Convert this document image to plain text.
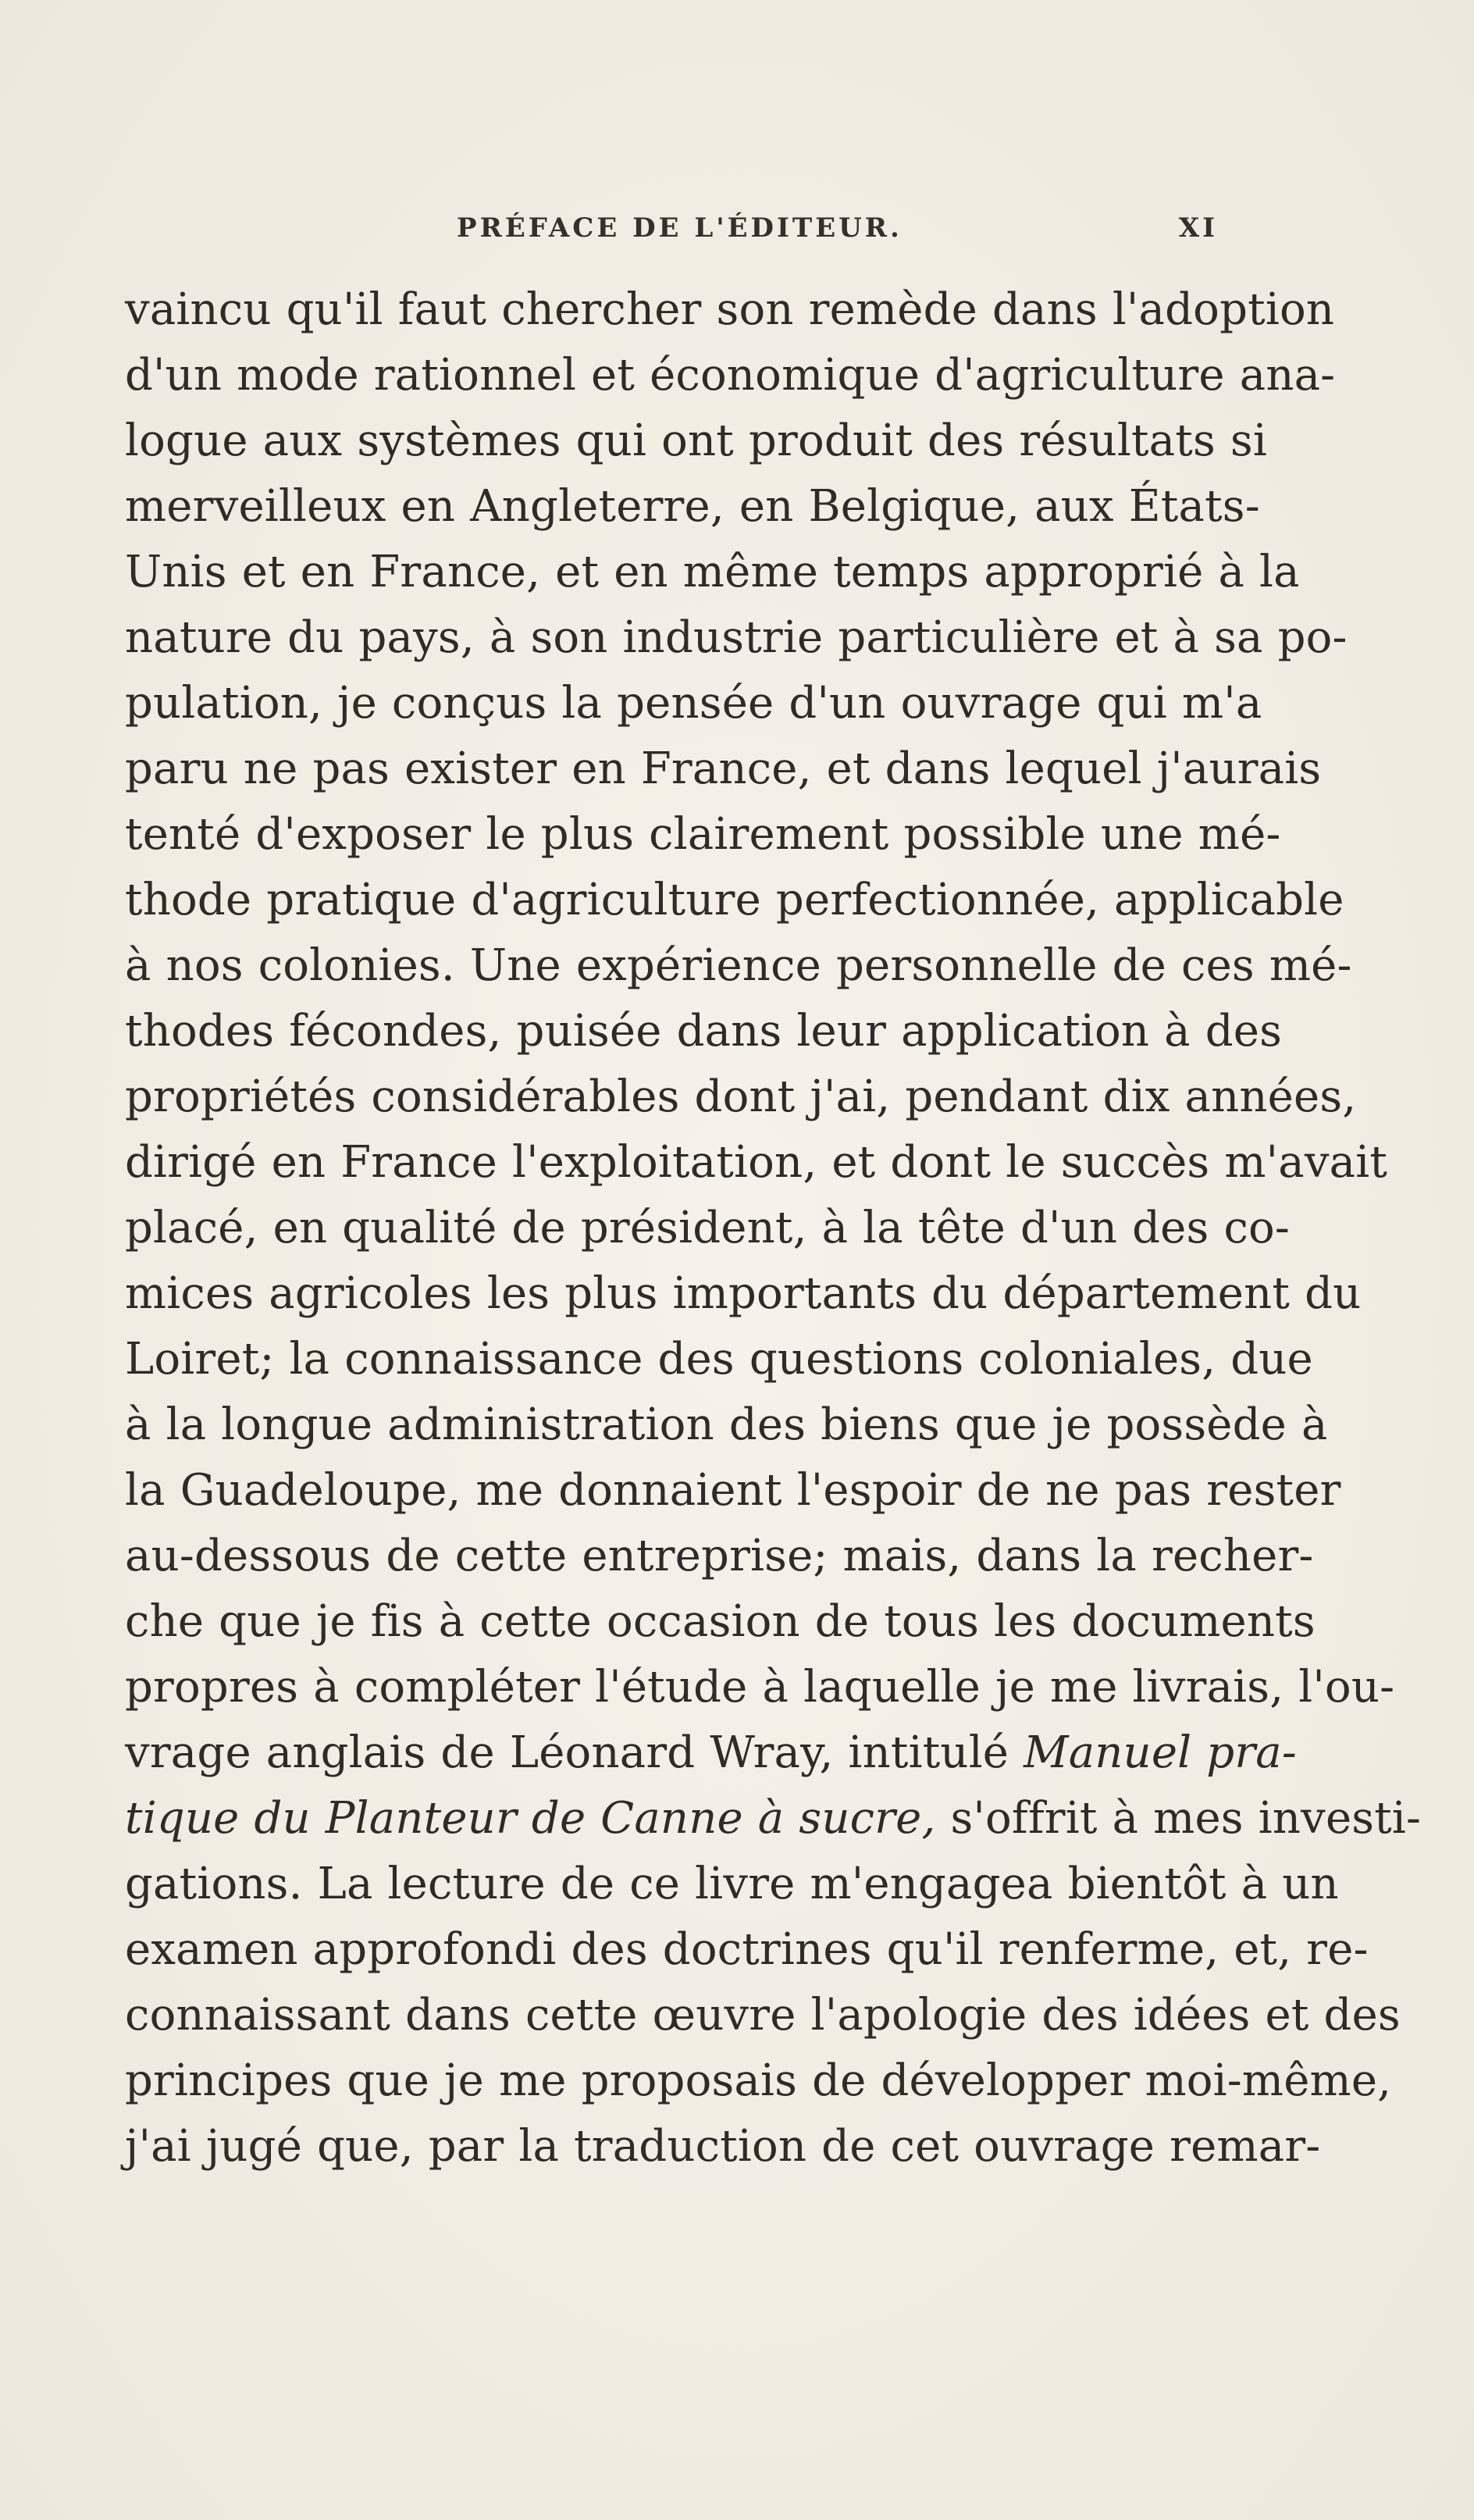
PRÉFACE DE L'ÉDITEUR.	XI
vaincu qu'il faut chercher son remède dans l'adoption
d'un mode rationnel et économique d'agriculture ana-
logue aux systèmes qui ont produit des résultats si
merveilleux en Angleterre, en Belgique, aux États-
Unis et en France, et en même temps approprié à la
nature du pays, à son industrie particulière et à sa po-
pulation, je conçus la pensée d'un ouvrage qui m'a
paru ne pas exister en France, et dans lequel j'aurais
tenté d'exposer le plus clairement possible une mé-
thode pratique d'agriculture perfectionnée, applicable
à nos colonies. Une expérience personnelle de ces mé-
thodes fécondes, puisée dans leur application à des
propriétés considérables dont j'ai, pendant dix années,
dirigé en France l'exploitation, et dont le succès m'avait
placé, en qualité de président, à la tête d'un des co-
mices agricoles les plus importants du département du
Loiret; la connaissance des questions coloniales, due
à la longue administration des biens que je possède à
la Guadeloupe, me donnaient l'espoir de ne pas rester
au-dessous de cette entreprise; mais, dans la recher-
che que je fis à cette occasion de tous les documents
propres à compléter l'étude à laquelle je me livrais, l'ou-
vrage anglais de Léonard Wray, intitulé Manuel pra-
tique du Planteur de Canne à sucre, s'offrit à mes investi-
gations. La lecture de ce livre m'engagea bientôt à un
examen approfondi des doctrines qu'il renferme, et, re-
connaissant dans cette œuvre l'apologie des idées et des
principes que je me proposais de développer moi-même,
j'ai jugé que, par la traduction de cet ouvrage remar-
